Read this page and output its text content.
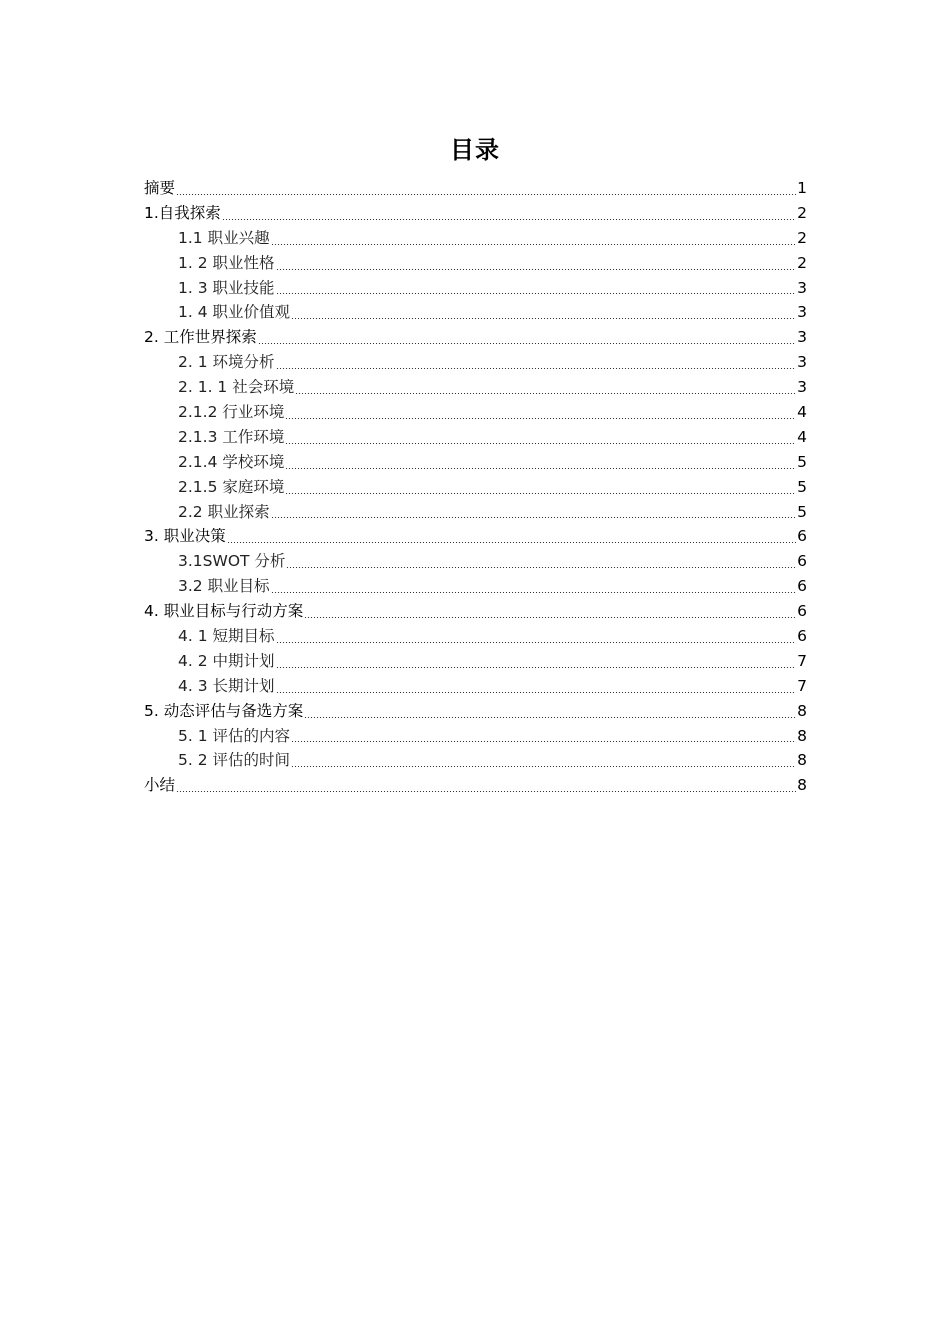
目录
摘要	1
1.自我探索	2
1.1 职业兴趣	2
1. 2 职业性格	2
1. 3 职业技能	3
1. 4 职业价值观	3
2. 工作世界探索	3
2. 1 环境分析	3
2. 1. 1 社会环境	3
2.1.2 行业环境	4
2.1.3 工作环境	4
2.1.4 学校环境	5
2.1.5 家庭环境	5
2.2 职业探索	5
3. 职业决策	6
3.1SWOT 分析	6
3.2 职业目标	6
4. 职业目标与行动方案	6
4. 1 短期目标	6
4. 2 中期计划	7
4. 3 长期计划	7
5. 动态评估与备选方案	8
5. 1 评估的内容	8
5. 2 评估的时间	8
小结	8
